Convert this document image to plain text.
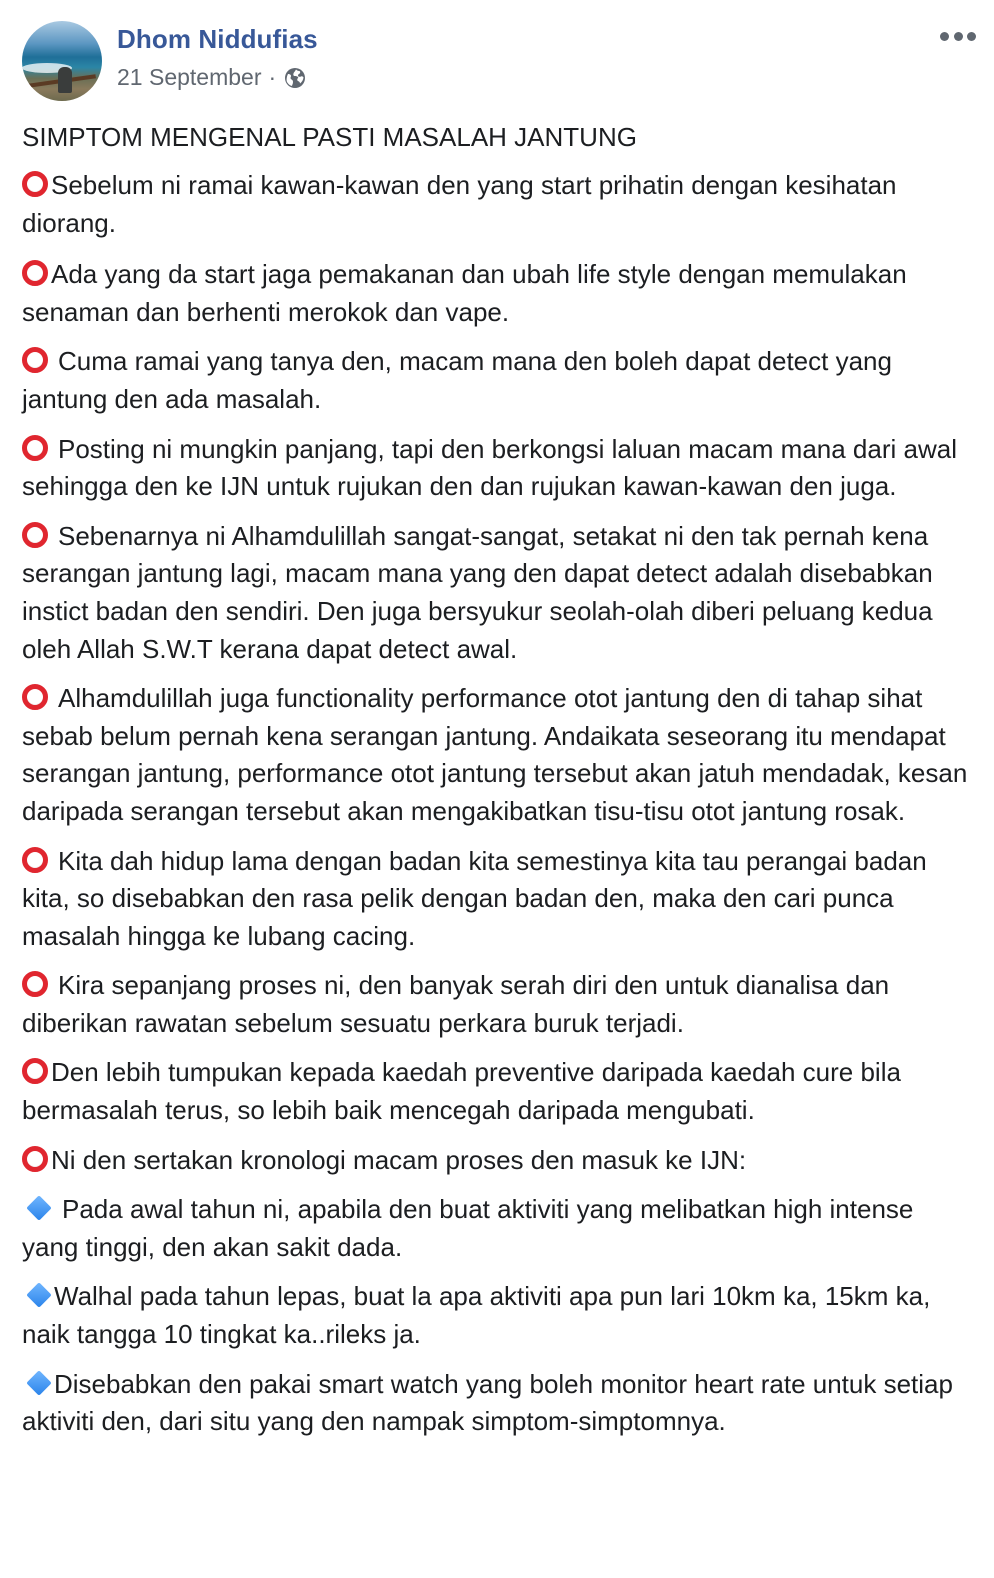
Dhom Niddufias
21 September ·

SIMPTOM MENGENAL PASTI MASALAH JANTUNG

Sebelum ni ramai kawan-kawan den yang start prihatin dengan kesihatan diorang.

Ada yang da start jaga pemakanan dan ubah life style dengan memulakan senaman dan berhenti merokok dan vape.

Cuma ramai yang tanya den, macam mana den boleh dapat detect yang jantung den ada masalah.

Posting ni mungkin panjang, tapi den berkongsi laluan macam mana dari awal sehingga den ke IJN untuk rujukan den dan rujukan kawan-kawan den juga.

Sebenarnya ni Alhamdulillah sangat-sangat, setakat ni den tak pernah kena serangan jantung lagi, macam mana yang den dapat detect adalah disebabkan instict badan den sendiri. Den juga bersyukur seolah-olah diberi peluang kedua oleh Allah S.W.T kerana dapat detect awal.

Alhamdulillah juga functionality performance otot jantung den di tahap sihat sebab belum pernah kena serangan jantung. Andaikata seseorang itu mendapat serangan jantung, performance otot jantung tersebut akan jatuh mendadak, kesan daripada serangan tersebut akan mengakibatkan tisu-tisu otot jantung rosak.

Kita dah hidup lama dengan badan kita semestinya kita tau perangai badan kita, so disebabkan den rasa pelik dengan badan den, maka den cari punca masalah hingga ke lubang cacing.

Kira sepanjang proses ni, den banyak serah diri den untuk dianalisa dan diberikan rawatan sebelum sesuatu perkara buruk terjadi.

Den lebih tumpukan kepada kaedah preventive daripada kaedah cure bila bermasalah terus, so lebih baik mencegah daripada mengubati.

Ni den sertakan kronologi macam proses den masuk ke IJN:

Pada awal tahun ni, apabila den buat aktiviti yang melibatkan high intense yang tinggi, den akan sakit dada.

Walhal pada tahun lepas, buat la apa aktiviti apa pun lari 10km ka, 15km ka, naik tangga 10 tingkat ka..rileks ja.

Disebabkan den pakai smart watch yang boleh monitor heart rate untuk setiap aktiviti den, dari situ yang den nampak simptom-simptomnya.
